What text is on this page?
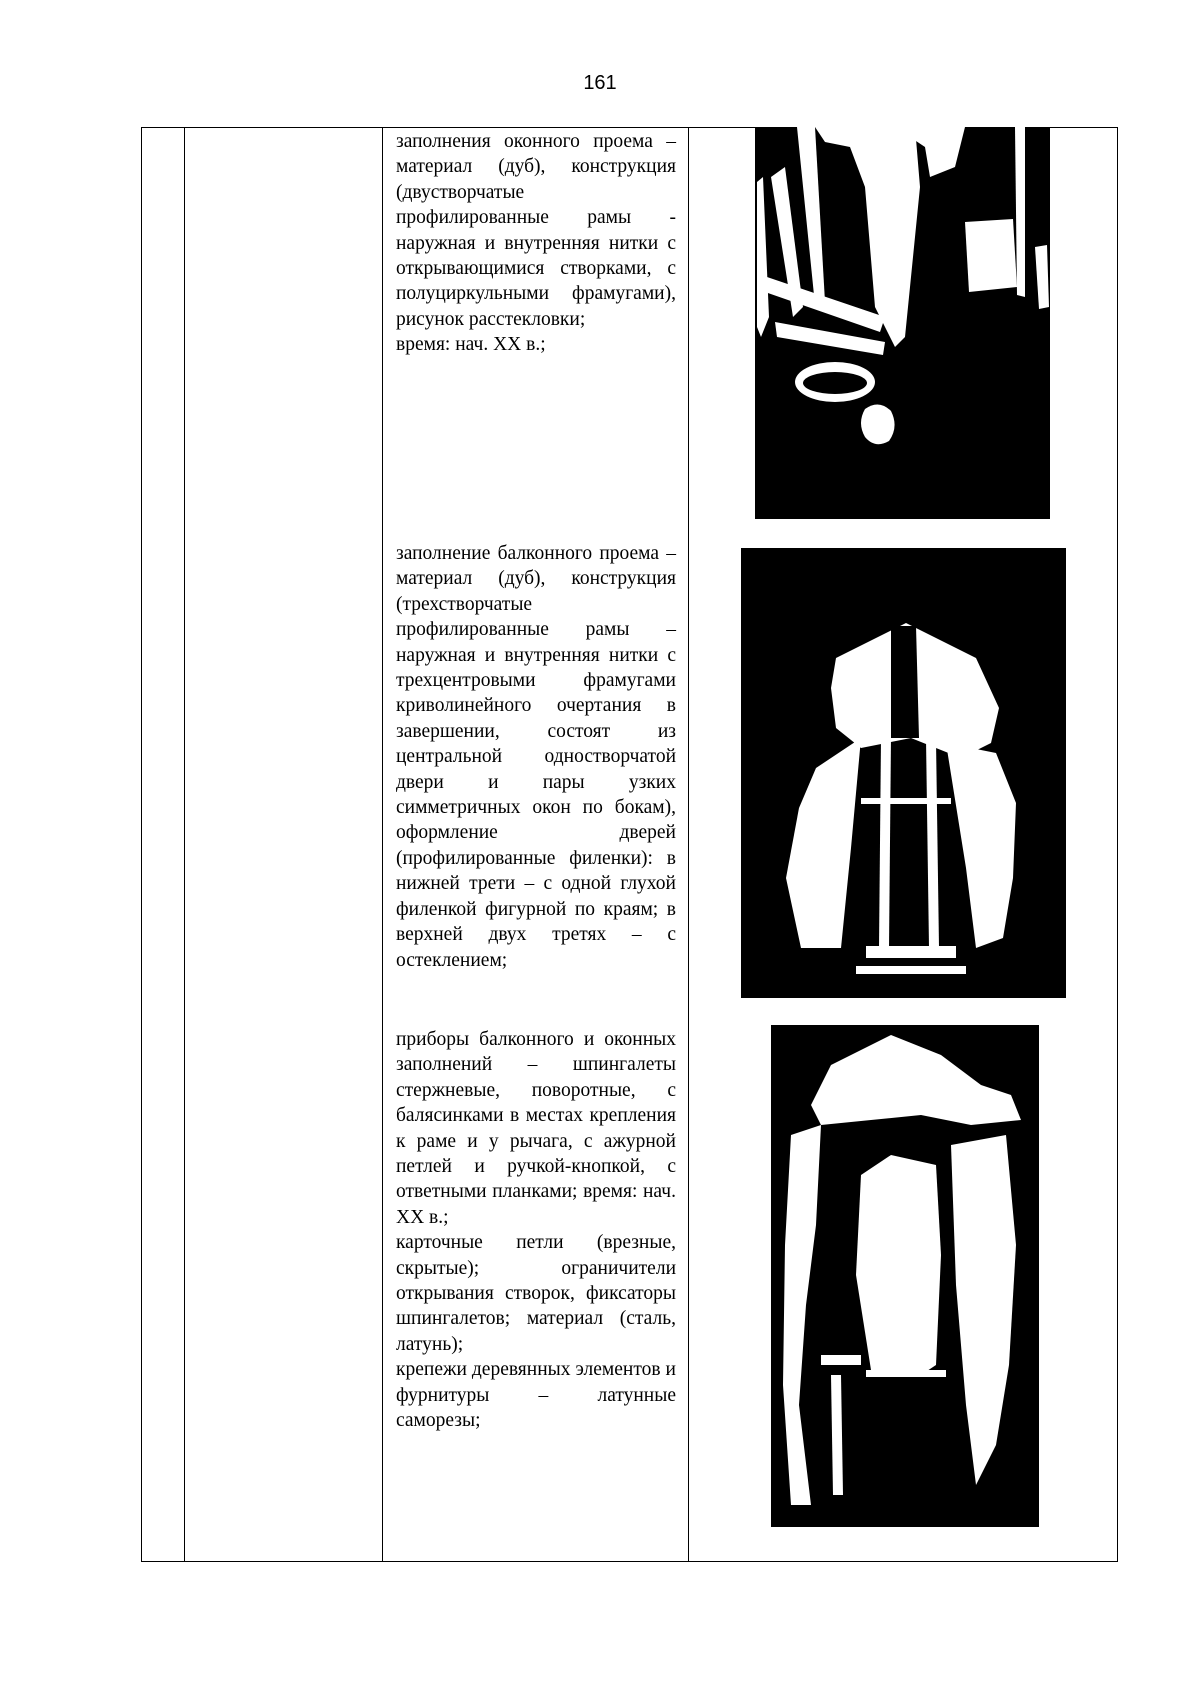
161
заполнения оконного проема – материал (дуб), конструкция (двустворчатые профилированные рамы - наружная и внутренняя нитки с открывающимися створками, с полуциркульными фрамугами), рисунок расстекловки;
время: нач. XX в.;
заполнение балконного проема – материал (дуб), конструкция (трехстворчатые профилированные рамы – наружная и внутренняя нитки с трехцентровыми фрамугами криволинейного очертания в завершении, состоят из центральной одностворчатой двери и пары узких симметричных окон по бокам), оформление дверей (профилированные филенки): в нижней трети – с одной глухой филенкой фигурной по краям; в верхней двух третях – с остеклением;
приборы балконного и оконных заполнений – шпингалеты стержневые, поворотные, с балясинками в местах крепления к раме и у рычага, с ажурной петлей и ручкой-кнопкой, с ответными планками; время: нач. XX в.;
карточные петли (врезные, скрытые); ограничители открывания створок, фиксаторы шпингалетов; материал (сталь, латунь);
крепежи деревянных элементов и фурнитуры – латунные саморезы;
